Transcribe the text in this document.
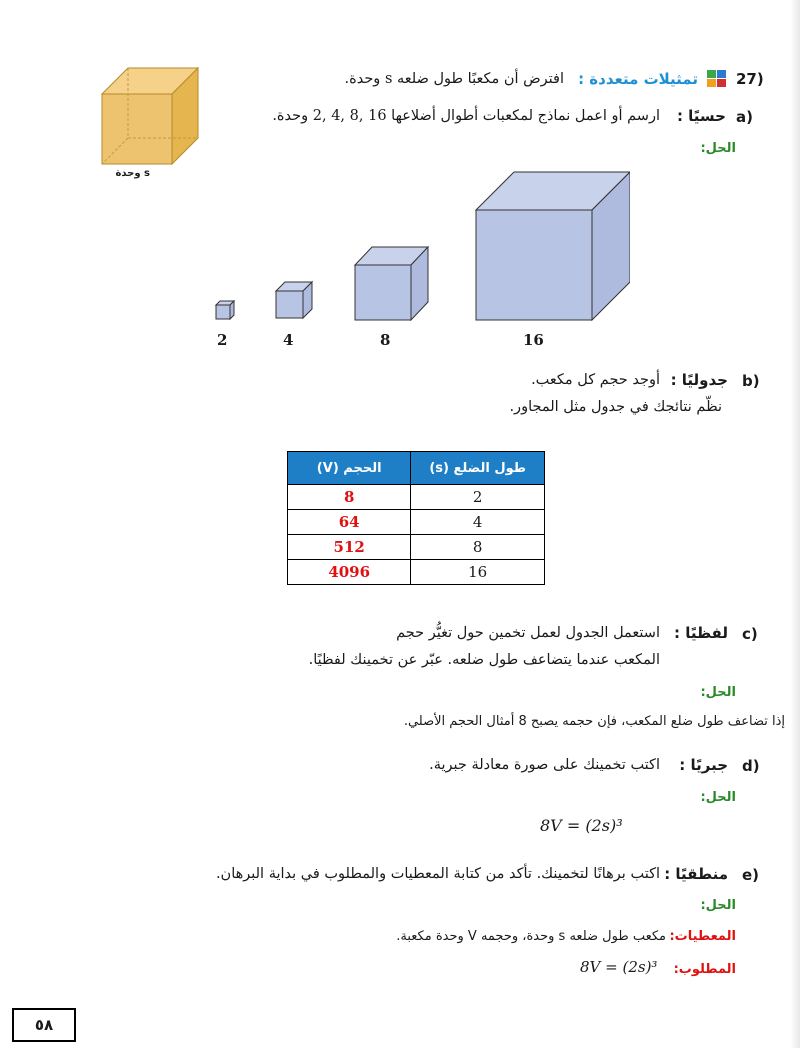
27)
تمثيلات متعددة :
افترض أن مكعبًا طول ضلعه s وحدة.
s وحدة
a)
حسيًا :
ارسم أو اعمل نماذج لمكعبات أطوال أضلاعها 16 ,8 ,4 ,2 وحدة.
الحل:
2	4	8	16
b)
جدوليًا :
أوجد حجم كل مكعب.
نظّم نتائجك في جدول مثل المجاور.
طول الضلع (s)	الحجم (V)
2	8
4	64
8	512
16	4096
c)
لفظيًا :
استعمل الجدول لعمل تخمين حول تغيُّر حجم
المكعب عندما يتضاعف طول ضلعه. عبّر عن تخمينك لفظيًا.
الحل:
إذا تضاعف طول ضلع المكعب، فإن حجمه يصبح 8 أمثال الحجم الأصلي.
d)
جبريًا :
اكتب تخمينك على صورة معادلة جبرية.
الحل:
8V = (2s)³
e)
منطقيًا :
اكتب برهانًا لتخمينك. تأكد من كتابة المعطيات والمطلوب في بداية البرهان.
الحل:
المعطيات:
مكعب طول ضلعه s وحدة، وحجمه V وحدة مكعبة.
المطلوب:
8V = (2s)³
٥٨
